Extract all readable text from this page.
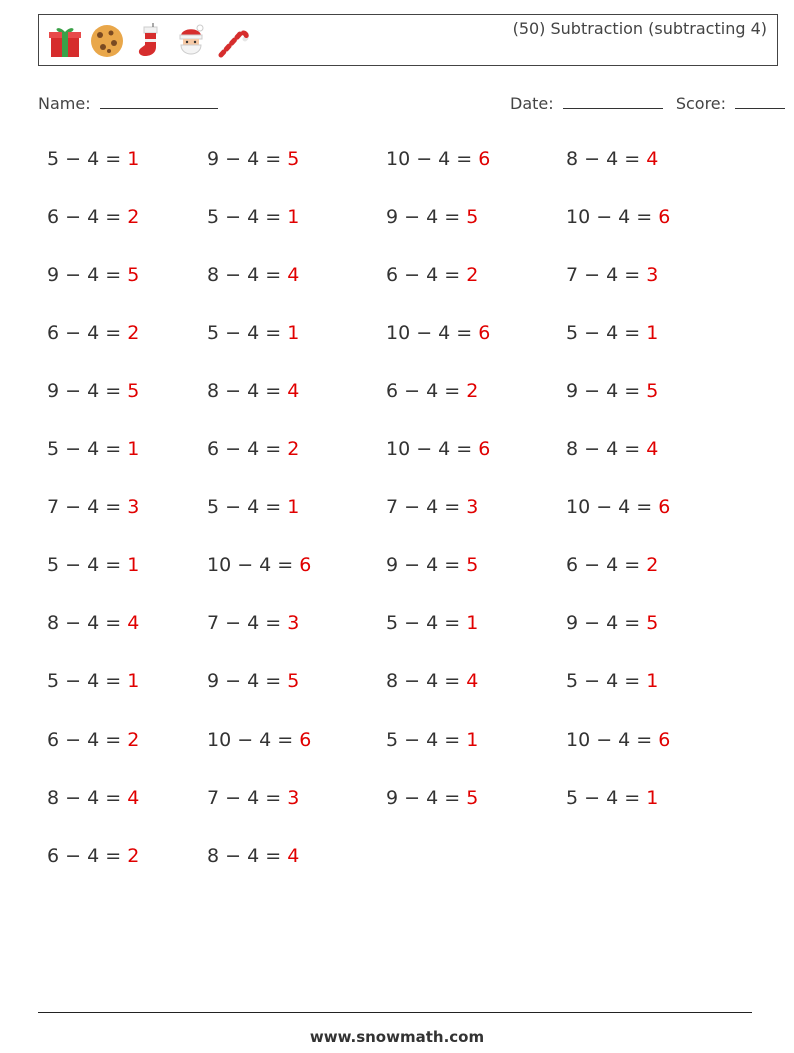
(50) Subtraction (subtracting 4)
Name:	Date:	Score:
5 − 4 = 1	9 − 4 = 5	10 − 4 = 6	8 − 4 = 4
6 − 4 = 2	5 − 4 = 1	9 − 4 = 5	10 − 4 = 6
9 − 4 = 5	8 − 4 = 4	6 − 4 = 2	7 − 4 = 3
6 − 4 = 2	5 − 4 = 1	10 − 4 = 6	5 − 4 = 1
9 − 4 = 5	8 − 4 = 4	6 − 4 = 2	9 − 4 = 5
5 − 4 = 1	6 − 4 = 2	10 − 4 = 6	8 − 4 = 4
7 − 4 = 3	5 − 4 = 1	7 − 4 = 3	10 − 4 = 6
5 − 4 = 1	10 − 4 = 6	9 − 4 = 5	6 − 4 = 2
8 − 4 = 4	7 − 4 = 3	5 − 4 = 1	9 − 4 = 5
5 − 4 = 1	9 − 4 = 5	8 − 4 = 4	5 − 4 = 1
6 − 4 = 2	10 − 4 = 6	5 − 4 = 1	10 − 4 = 6
8 − 4 = 4	7 − 4 = 3	9 − 4 = 5	5 − 4 = 1
6 − 4 = 2	8 − 4 = 4
www.snowmath.com
